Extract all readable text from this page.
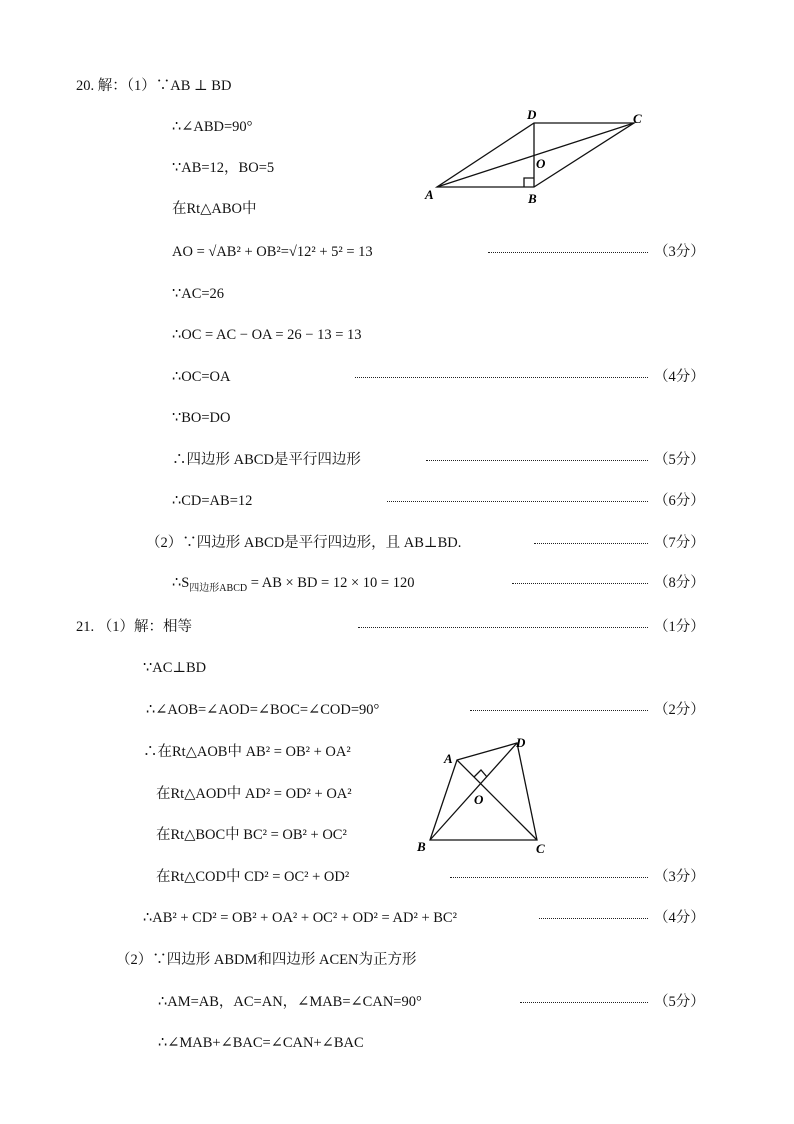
20. 解：（1）∵AB ⊥ BD
∴∠ABD=90°
∵AB=12，BO=5
在Rt△ABO中
AO = √AB² + OB²=√12² + 5² = 13	（3分）
∵AC=26
∴OC = AC − OA = 26 − 13 = 13
∴OC=OA	（4分）
∵BO=DO
∴四边形 ABCD是平行四边形	（5分）
∴CD=AB=12	（6分）
（2）∵四边形 ABCD是平行四边形，且 AB⊥BD.	（7分）
$\therefore S_{四边形ABCD}$ = AB × BD = 12 × 10 = 120	（8分）
D	C
O
A	B
21. （1）解：相等	（1分）
∵AC⊥BD
∴∠AOB=∠AOD=∠BOC=∠COD=90°	（2分）
∴在Rt△AOB中 AB² = OB² + OA²
在Rt△AOD中 AD² = OD² + OA²
在Rt△BOC中 BC² = OB² + OC²
在Rt△COD中 CD² = OC² + OD²	（3分）
∴AB² + CD² = OB² + OA² + OC² + OD² = AD² + BC²	（4分）
（2）∵四边形 ABDM和四边形 ACEN为正方形
∴AM=AB，AC=AN，∠MAB=∠CAN=90°	（5分）
∴∠MAB+∠BAC=∠CAN+∠BAC
A
D
O
B	C
